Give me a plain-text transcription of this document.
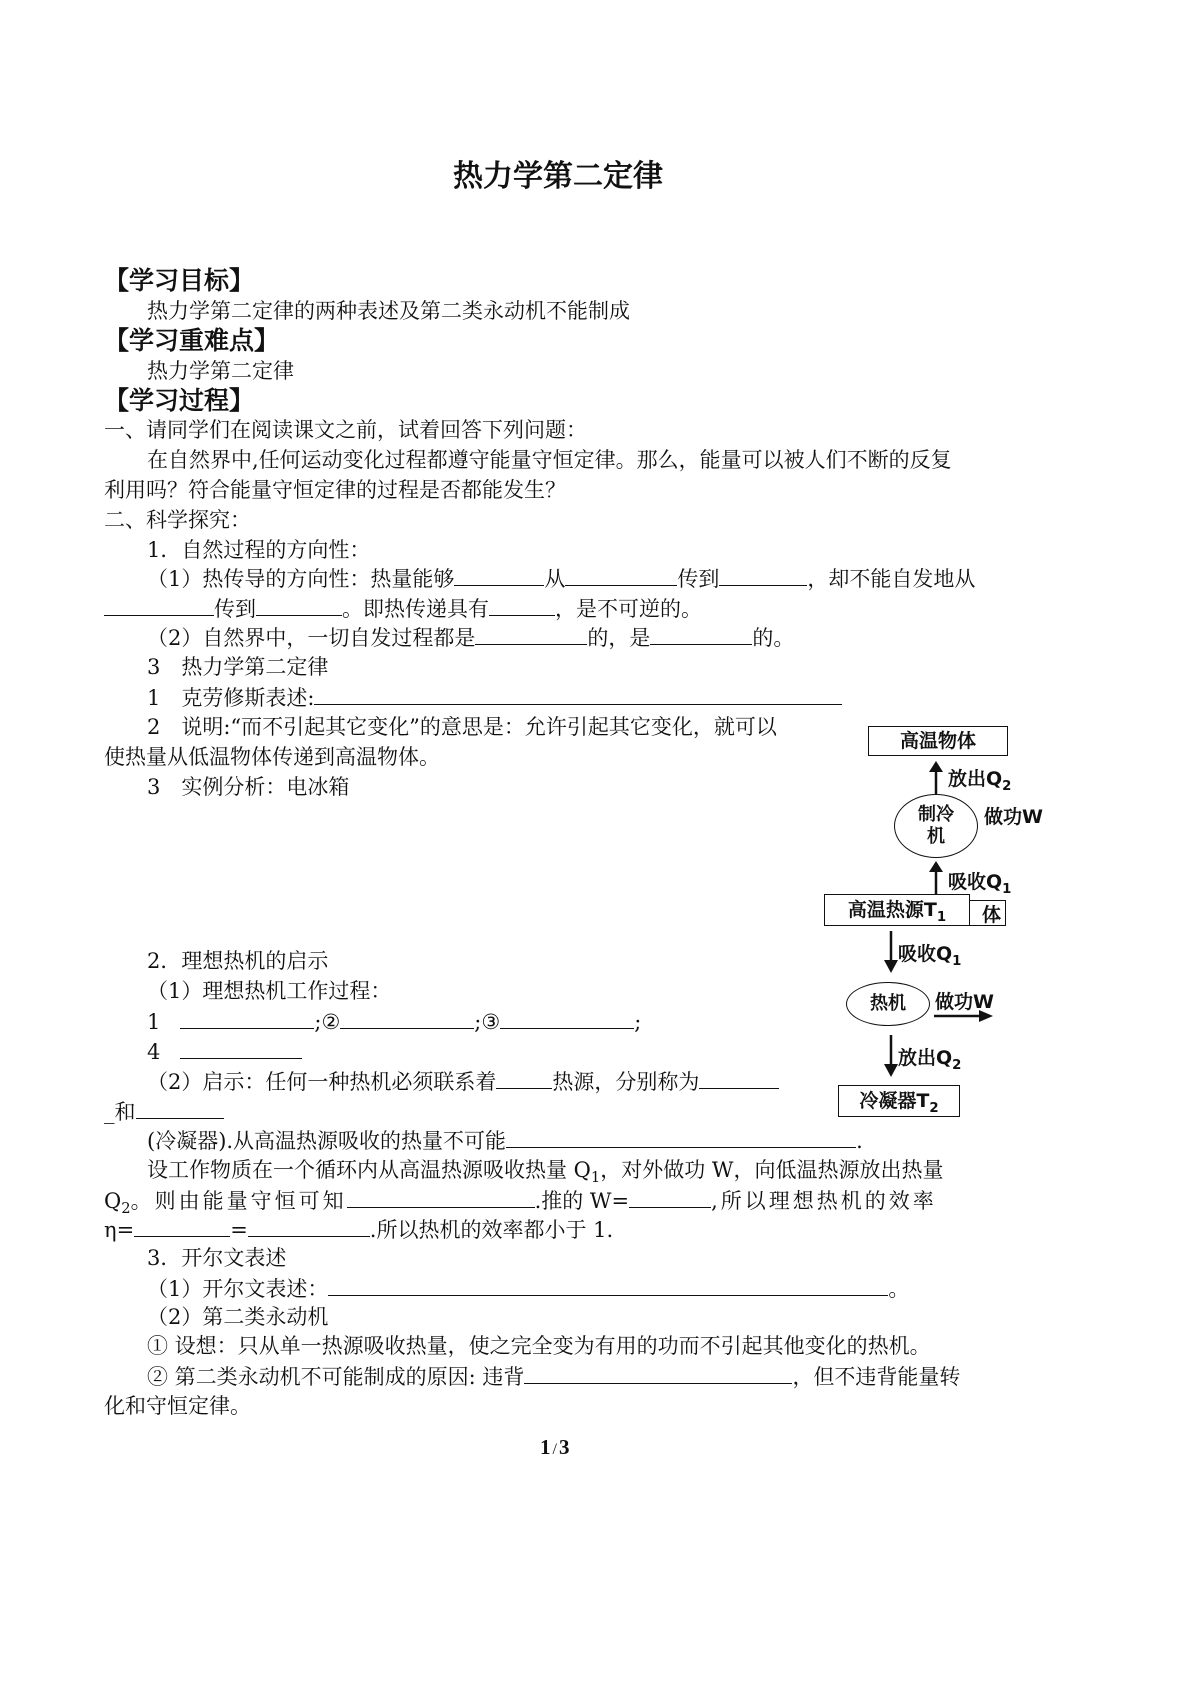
热力学第二定律
【学习目标】
热力学第二定律的两种表述及第二类永动机不能制成
【学习重难点】
热力学第二定律
【学习过程】
一、请同学们在阅读课文之前，试着回答下列问题：
在自然界中,任何运动变化过程都遵守能量守恒定律。那么，能量可以被人们不断的反复
利用吗？符合能量守恒定律的过程是否都能发生？
二、科学探究：
1．自然过程的方向性：
（1）热传导的方向性：热量能够	从	传到	，却不能自发地从
传到	。即热传递具有	，是不可逆的。
（2）自然界中，一切自发过程都是	的，是	的。
3　热力学第二定律
1　克劳修斯表述:
2　说明:“而不引起其它变化”的意思是：允许引起其它变化，就可以
使热量从低温物体传递到高温物体。
3　实例分析：电冰箱
2．理想热机的启示
（1）理想热机工作过程：
1	;②	;③	;
4
（2）启示：任何一种热机必须联系着	热源，分别称为
_和
(冷凝器).从高温热源吸收的热量不可能	.
设工作物质在一个循环内从高温热源吸收热量 $Q_1$，对外做功 W，向低温热源放出热量
$Q_2$。则由能量守恒可知	.推的 W=	,所以理想热机的效率
η=	=	.所以热机的效率都小于 1.
3．开尔文表述
（1）开尔文表述：	。
（2）第二类永动机
① 设想：只从单一热源吸收热量，使之完全变为有用的功而不引起其他变化的热机。
② 第二类永动机不可能制成的原因: 违背	，但不违背能量转
化和守恒定律。
高温物体
放出$Q_2$
制冷
机
做功W
吸收$Q_1$
体
高温热源$T_1$
吸收$Q_1$
热机	做功W
放出$Q_2$
冷凝器$T_2$
1 /3
